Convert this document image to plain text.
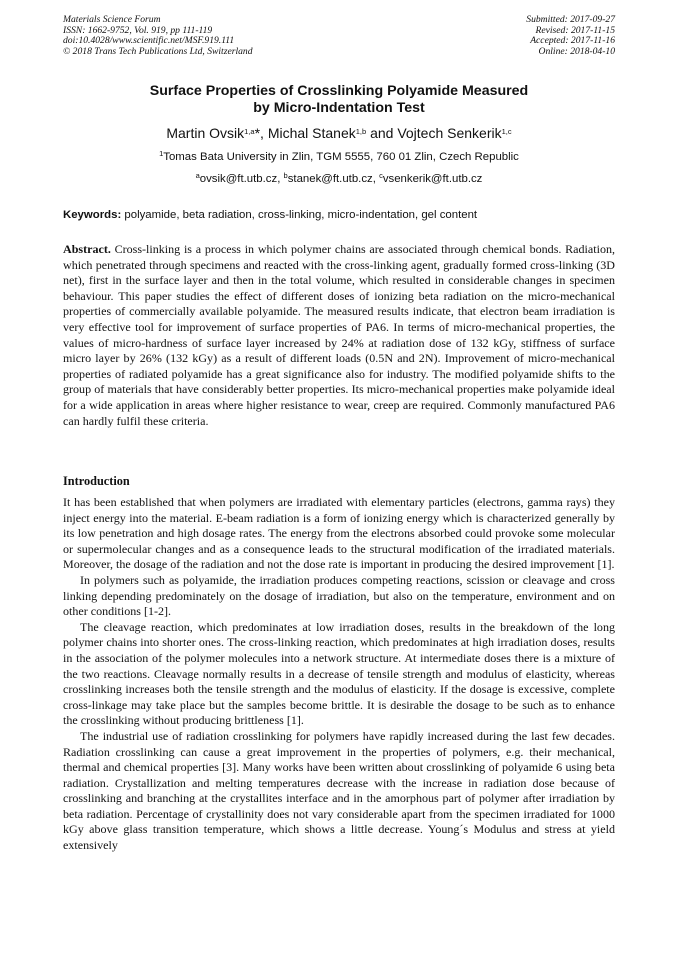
Materials Science Forum
ISSN: 1662-9752, Vol. 919, pp 111-119
doi:10.4028/www.scientific.net/MSF.919.111
© 2018 Trans Tech Publications Ltd, Switzerland
Submitted: 2017-09-27
Revised: 2017-11-15
Accepted: 2017-11-16
Online: 2018-04-10
Surface Properties of Crosslinking Polyamide Measured
by Micro-Indentation Test
Martin Ovsik$^{1,a}$*, Michal Stanek$^{1,b}$ and Vojtech Senkerik$^{1,c}$
$^1$Tomas Bata University in Zlin, TGM 5555, 760 01 Zlin, Czech Republic
$^a$ovsik@ft.utb.cz, $^b$stanek@ft.utb.cz, $^c$vsenkerik@ft.utb.cz
Keywords: polyamide, beta radiation, cross-linking, micro-indentation, gel content
Abstract. Cross-linking is a process in which polymer chains are associated through chemical bonds. Radiation, which penetrated through specimens and reacted with the cross-linking agent, gradually formed cross-linking (3D net), first in the surface layer and then in the total volume, which resulted in considerable changes in specimen behaviour. This paper studies the effect of different doses of ionizing beta radiation on the micro-mechanical properties of commercially available polyamide. The measured results indicate, that electron beam irradiation is very effective tool for improvement of surface properties of PA6. In terms of micro-mechanical properties, the values of micro-hardness of surface layer increased by 24% at radiation dose of 132 kGy, stiffness of surface micro layer by 26% (132 kGy) as a result of different loads (0.5N and 2N). Improvement of micro-mechanical properties of radiated polyamide has a great significance also for industry. The modified polyamide shifts to the group of materials that have considerably better properties. Its micro-mechanical properties make polyamide ideal for a wide application in areas where higher resistance to wear, creep are required. Commonly manufactured PA6 can hardly fulfil these criteria.
Introduction

It has been established that when polymers are irradiated with elementary particles (electrons, gamma rays) they inject energy into the material. E-beam radiation is a form of ionizing energy which is characterized generally by its low penetration and high dosage rates. The energy from the electrons absorbed could provoke some molecular or supermolecular changes and as a consequence leads to the structural modification of the irradiated materials. Moreover, the dosage of the radiation and not the dose rate is important in producing the desired improvement [1].

In polymers such as polyamide, the irradiation produces competing reactions, scission or cleavage and cross linking depending predominately on the dosage of irradiation, but also on the temperature, environment and on other conditions [1-2].

The cleavage reaction, which predominates at low irradiation doses, results in the breakdown of the long polymer chains into shorter ones. The cross-linking reaction, which predominates at high irradiation doses, results in the association of the polymer molecules into a network structure. At intermediate doses there is a mixture of the two reactions. Cleavage normally results in a decrease of tensile strength and modulus of elasticity, whereas crosslinking increases both the tensile strength and the modulus of elasticity. If the dosage is excessive, complete cross-linkage may take place but the samples become brittle. It is desirable the dosage to be such as to enhance the crosslinking without producing brittleness [1].

The industrial use of radiation crosslinking for polymers have rapidly increased during the last few decades. Radiation crosslinking can cause a great improvement in the properties of polymers, e.g. their mechanical, thermal and chemical properties [3]. Many works have been written about crosslinking of polyamide 6 using beta radiation. Crystallization and melting temperatures decrease with the increase in radiation dose because of crosslinking and branching at the crystallites interface and in the amorphous part of polymer after irradiation by beta radiation. Percentage of crystallinity does not vary considerable apart from the specimen irradiated for 1000 kGy above glass transition temperature, which shows a little decrease. Young´s Modulus and stress at yield extensively
